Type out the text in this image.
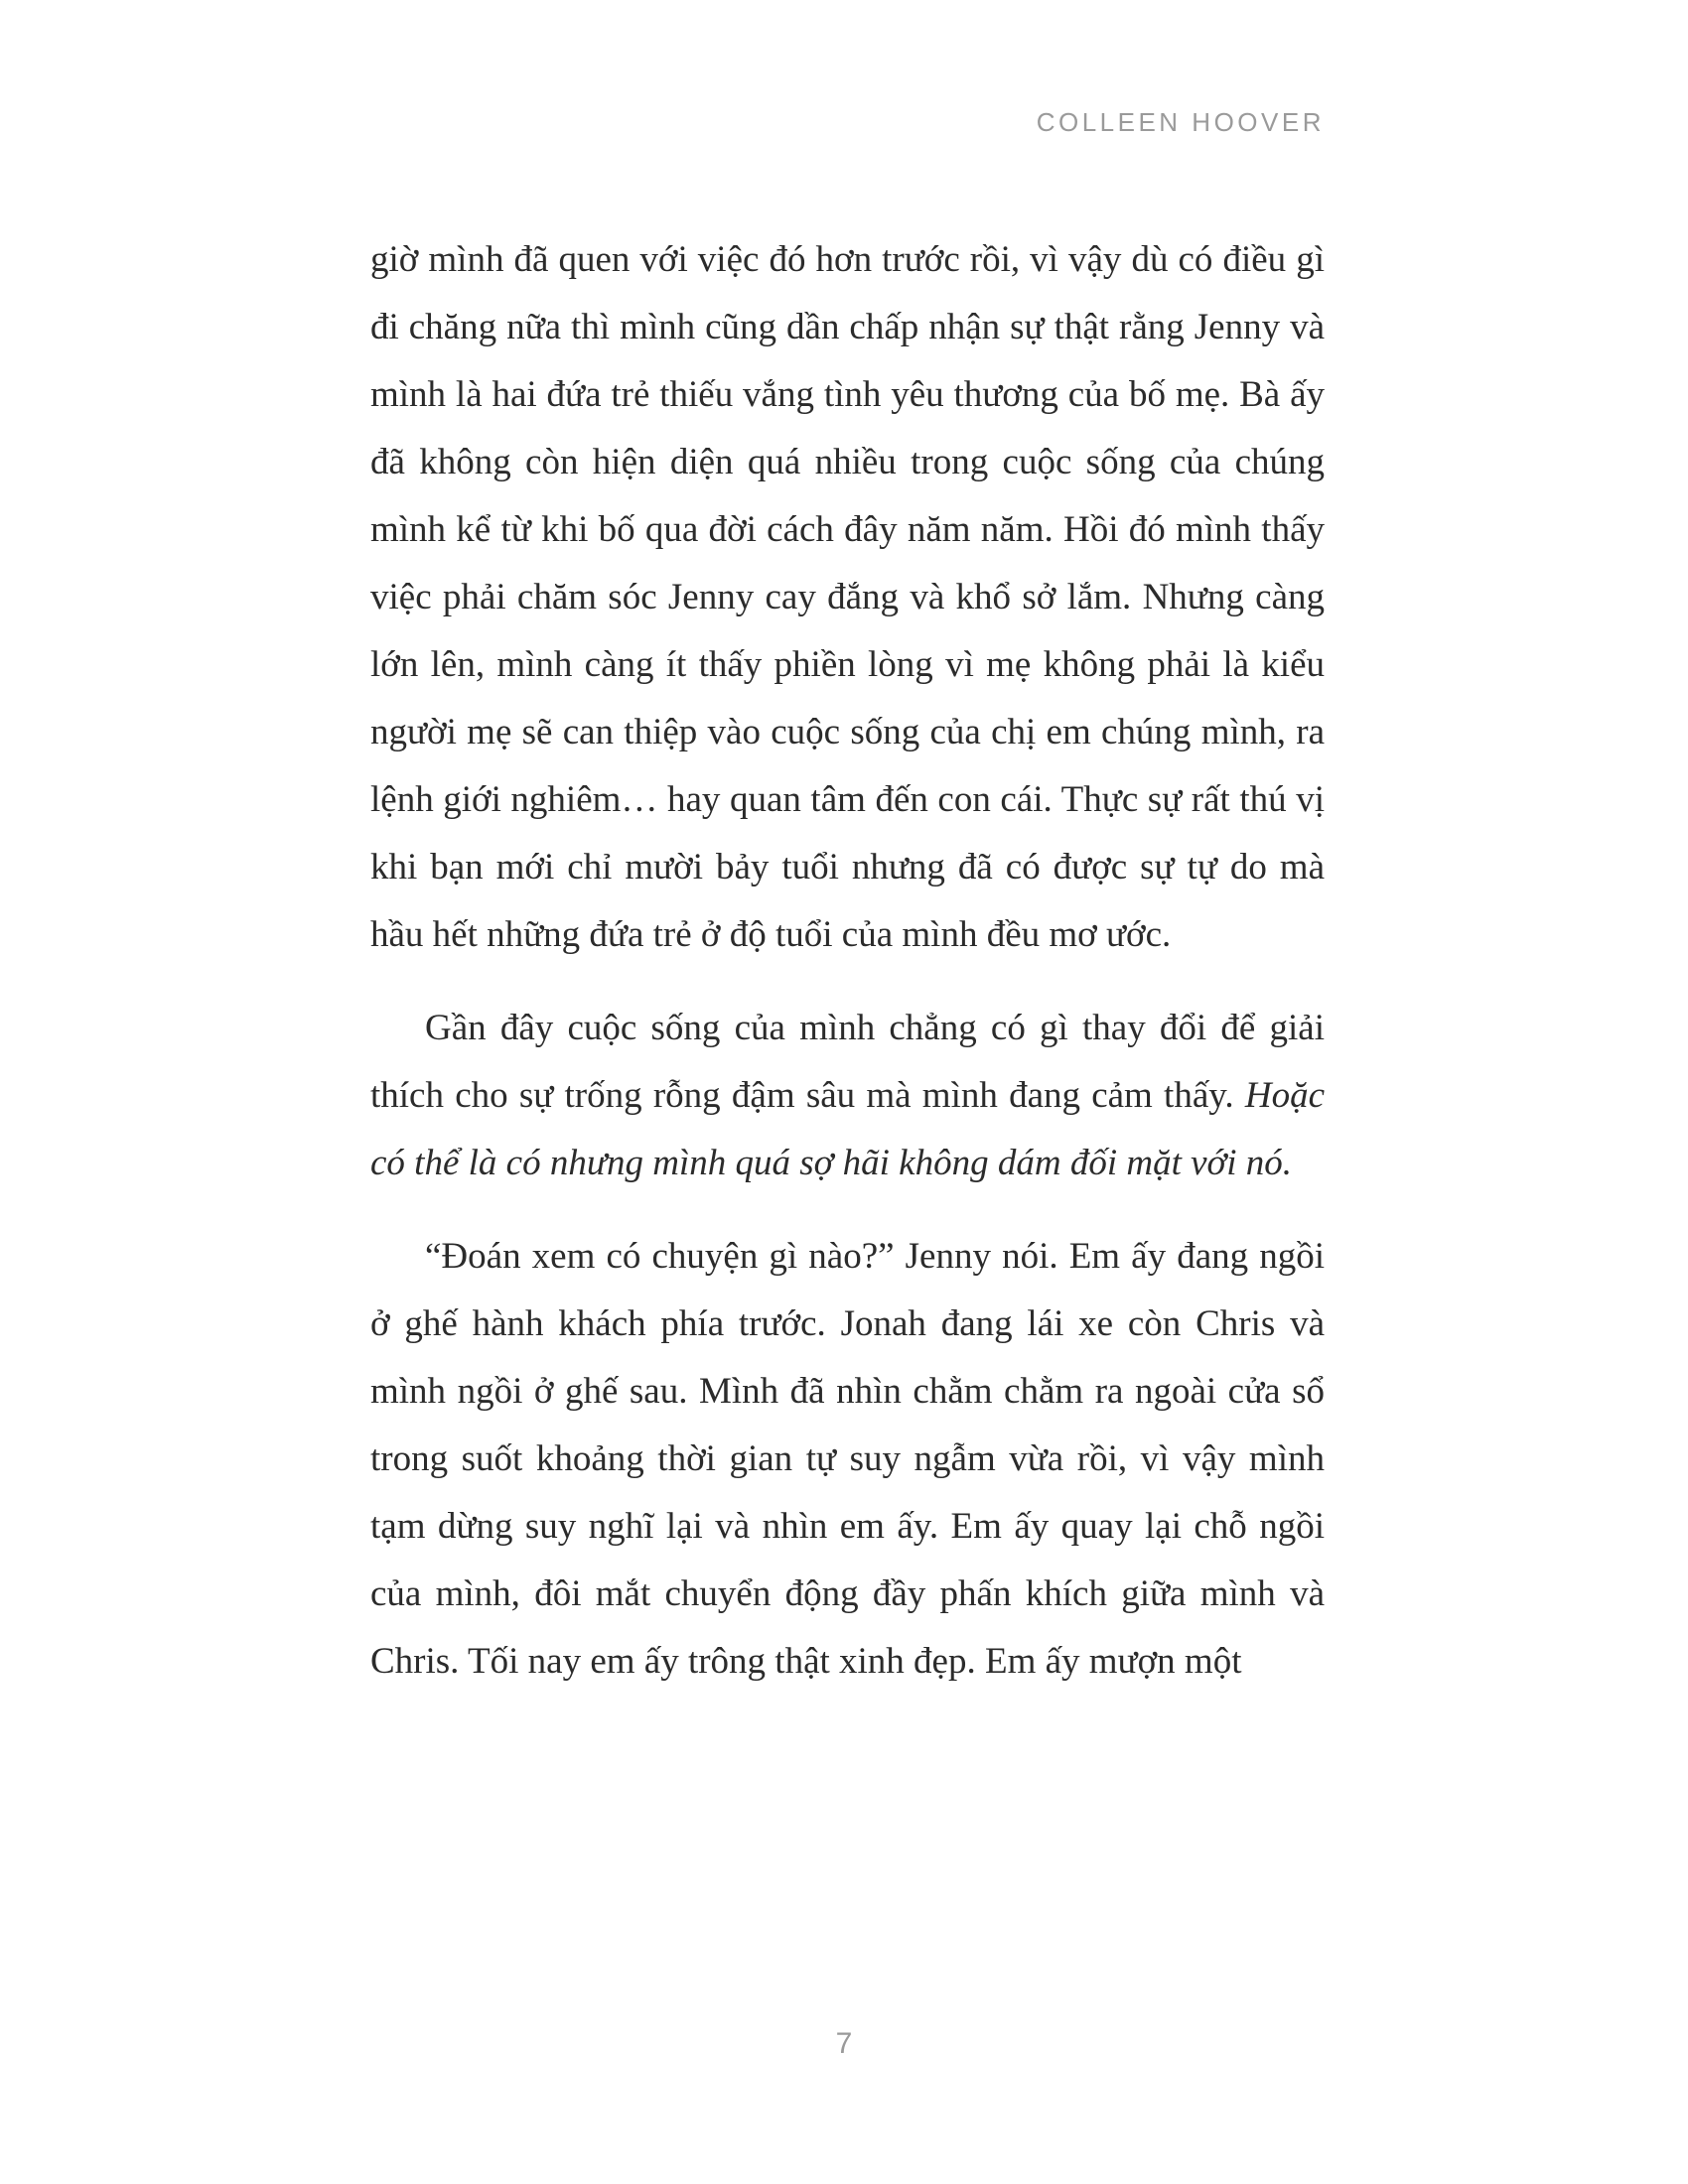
COLLEEN HOOVER

giờ mình đã quen với việc đó hơn trước rồi, vì vậy dù có điều gì đi chăng nữa thì mình cũng dần chấp nhận sự thật rằng Jenny và mình là hai đứa trẻ thiếu vắng tình yêu thương của bố mẹ. Bà ấy đã không còn hiện diện quá nhiều trong cuộc sống của chúng mình kể từ khi bố qua đời cách đây năm năm. Hồi đó mình thấy việc phải chăm sóc Jenny cay đắng và khổ sở lắm. Nhưng càng lớn lên, mình càng ít thấy phiền lòng vì mẹ không phải là kiểu người mẹ sẽ can thiệp vào cuộc sống của chị em chúng mình, ra lệnh giới nghiêm… hay quan tâm đến con cái. Thực sự rất thú vị khi bạn mới chỉ mười bảy tuổi nhưng đã có được sự tự do mà hầu hết những đứa trẻ ở độ tuổi của mình đều mơ ước.

Gần đây cuộc sống của mình chẳng có gì thay đổi để giải thích cho sự trống rỗng đậm sâu mà mình đang cảm thấy. Hoặc có thể là có nhưng mình quá sợ hãi không dám đối mặt với nó.

“Đoán xem có chuyện gì nào?” Jenny nói. Em ấy đang ngồi ở ghế hành khách phía trước. Jonah đang lái xe còn Chris và mình ngồi ở ghế sau. Mình đã nhìn chằm chằm ra ngoài cửa sổ trong suốt khoảng thời gian tự suy ngẫm vừa rồi, vì vậy mình tạm dừng suy nghĩ lại và nhìn em ấy. Em ấy quay lại chỗ ngồi của mình, đôi mắt chuyển động đầy phấn khích giữa mình và Chris. Tối nay em ấy trông thật xinh đẹp. Em ấy mượn một

7
